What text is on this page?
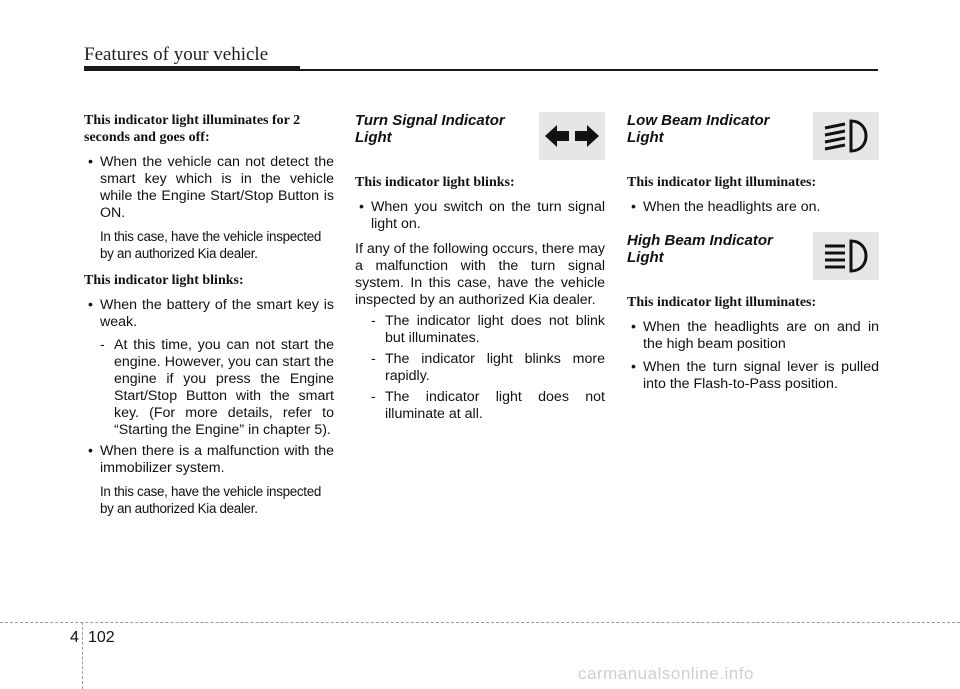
Features of your vehicle

This indicator light illuminates for 2 seconds and goes off:

• When the vehicle can not detect the smart key which is in the vehicle while the Engine Start/Stop Button is ON.

In this case, have the vehicle inspected by an authorized Kia dealer.

This indicator light blinks:

• When the battery of the smart key is weak.

- At this time, you can not start the engine. However, you can start the engine if you press the Engine Start/Stop Button with the smart key. (For more details, refer to “Starting the Engine” in chapter 5).

• When there is a malfunction with the immobilizer system.

In this case, have the vehicle inspected by an authorized Kia dealer.

Turn Signal Indicator Light

This indicator light blinks:

• When you switch on the turn signal light on.

If any of the following occurs, there may a malfunction with the turn signal system. In this case, have the vehicle inspected by an authorized Kia dealer.

- The indicator light does not blink but illuminates.

- The indicator light blinks more rapidly.

- The indicator light does not illuminate at all.

Low Beam Indicator Light

This indicator light illuminates:

• When the headlights are on.

High Beam Indicator Light

This indicator light illuminates:

• When the headlights are on and in the high beam position

• When the turn signal lever is pulled into the Flash-to-Pass position.

4 102
carmanualsonline.info
